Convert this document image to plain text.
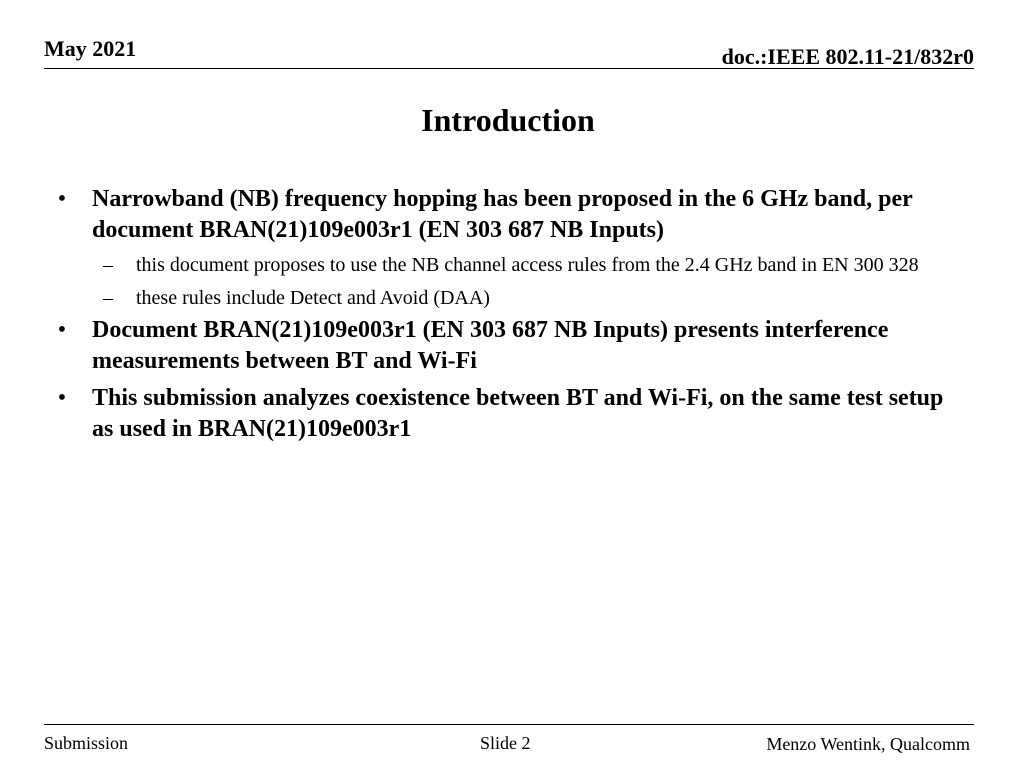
May 2021	doc.:IEEE 802.11-21/832r0
Introduction
• Narrowband (NB) frequency hopping has been proposed in the 6 GHz band, per document BRAN(21)109e003r1 (EN 303 687 NB Inputs)
–	this document proposes to use the NB channel access rules from the 2.4 GHz band in EN 300 328
–	these rules include Detect and Avoid (DAA)
• Document BRAN(21)109e003r1 (EN 303 687 NB Inputs) presents interference measurements between BT and Wi-Fi
• This submission analyzes coexistence between BT and Wi-Fi, on the same test setup as used in BRAN(21)109e003r1
Submission	Slide 2	Menzo Wentink, Qualcomm
